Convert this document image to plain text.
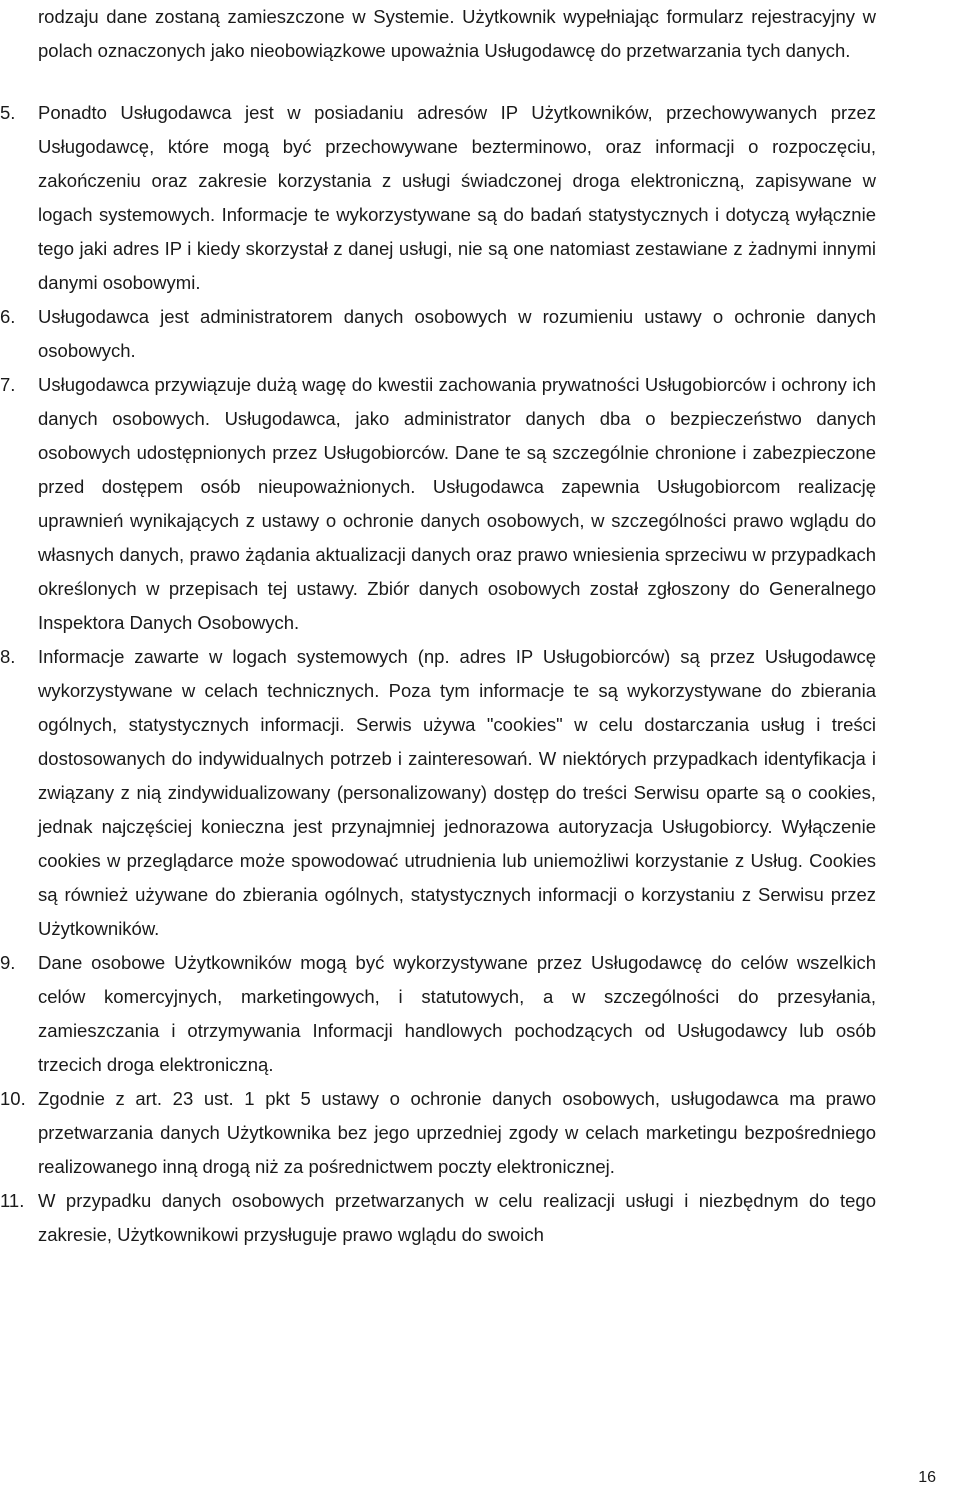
rodzaju dane zostaną zamieszczone w Systemie. Użytkownik wypełniając formularz rejestracyjny w polach oznaczonych jako nieobowiązkowe upoważnia Usługodawcę do przetwarzania tych danych.

5.	Ponadto Usługodawca jest w posiadaniu adresów IP Użytkowników, przechowywanych przez Usługodawcę, które mogą być przechowywane bezterminowo, oraz informacji o rozpoczęciu, zakończeniu oraz zakresie korzystania z usługi świadczonej droga elektroniczną, zapisywane w logach systemowych. Informacje te wykorzystywane są do badań statystycznych i dotyczą wyłącznie tego jaki adres IP i kiedy skorzystał z danej usługi, nie są one natomiast zestawiane z żadnymi innymi danymi osobowymi.

6.	Usługodawca jest administratorem danych osobowych w rozumieniu ustawy o ochronie danych osobowych.

7.	Usługodawca przywiązuje dużą wagę do kwestii zachowania prywatności Usługobiorców i ochrony ich danych osobowych. Usługodawca, jako administrator danych dba o bezpieczeństwo danych osobowych udostępnionych przez Usługobiorców. Dane te są szczególnie chronione i zabezpieczone przed dostępem osób nieupoważnionych. Usługodawca zapewnia Usługobiorcom realizację uprawnień wynikających z ustawy o ochronie danych osobowych, w szczególności prawo wglądu do własnych danych, prawo żądania aktualizacji danych oraz prawo wniesienia sprzeciwu w przypadkach określonych w przepisach tej ustawy. Zbiór danych osobowych został zgłoszony do Generalnego Inspektora Danych Osobowych.

8.	Informacje zawarte w logach systemowych (np. adres IP Usługobiorców) są przez Usługodawcę wykorzystywane w celach technicznych. Poza tym informacje te są wykorzystywane do zbierania ogólnych, statystycznych informacji. Serwis używa "cookies" w celu dostarczania usług i treści dostosowanych do indywidualnych potrzeb i zainteresowań. W niektórych przypadkach identyfikacja i związany z nią zindywidualizowany (personalizowany) dostęp do treści Serwisu oparte są o cookies, jednak najczęściej konieczna jest przynajmniej jednorazowa autoryzacja Usługobiorcy. Wyłączenie cookies w przeglądarce może spowodować utrudnienia lub uniemożliwi korzystanie z Usług. Cookies są również używane do zbierania ogólnych, statystycznych informacji o korzystaniu z Serwisu przez Użytkowników.

9.	Dane osobowe Użytkowników mogą być wykorzystywane przez Usługodawcę do celów wszelkich celów komercyjnych, marketingowych, i statutowych, a w szczególności do przesyłania, zamieszczania i otrzymywania Informacji handlowych pochodzących od Usługodawcy lub osób trzecich droga elektroniczną.

10. Zgodnie z art. 23 ust. 1 pkt 5 ustawy o ochronie danych osobowych, usługodawca ma prawo przetwarzania danych Użytkownika bez jego uprzedniej zgody w celach marketingu bezpośredniego realizowanego inną drogą niż za pośrednictwem poczty elektronicznej.

11. W przypadku danych osobowych przetwarzanych w celu realizacji usługi i niezbędnym do tego zakresie, Użytkownikowi przysługuje prawo wglądu do swoich

16
